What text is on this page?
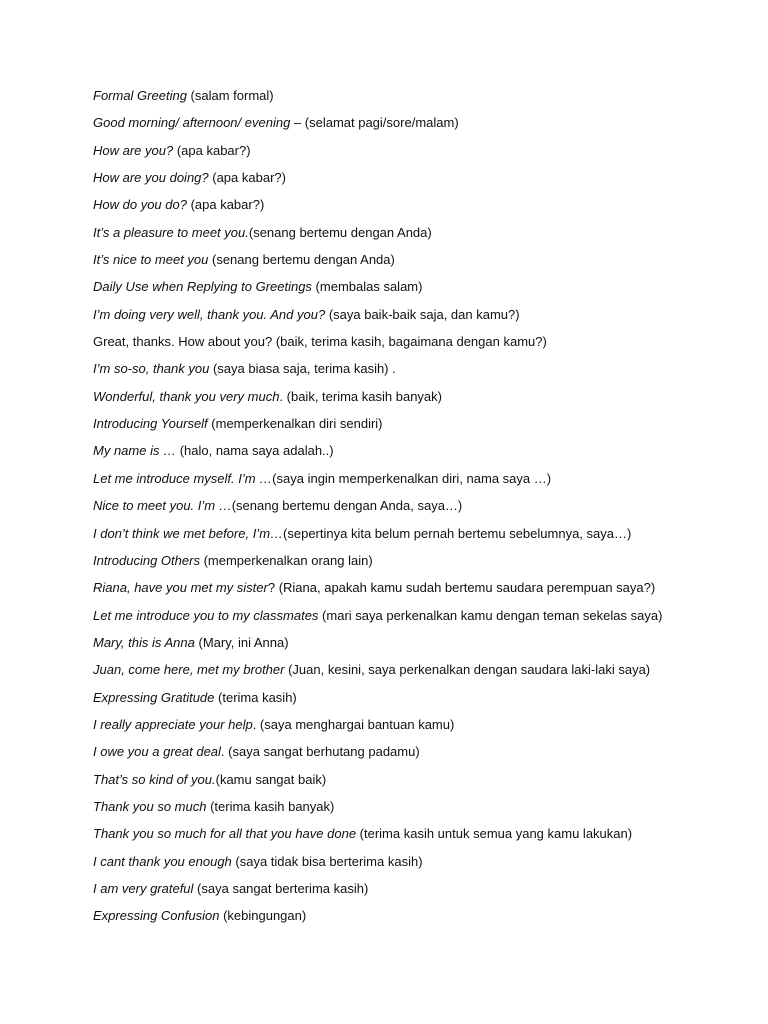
Formal Greeting (salam formal)
Good morning/ afternoon/ evening – (selamat pagi/sore/malam)
How are you? (apa kabar?)
How are you doing? (apa kabar?)
How do you do? (apa kabar?)
It’s a pleasure to meet you.(senang bertemu dengan Anda)
It’s nice to meet you (senang bertemu dengan Anda)
Daily Use when Replying to Greetings (membalas salam)
I’m doing very well, thank you. And you? (saya baik-baik saja, dan kamu?)
Great, thanks. How about you? (baik, terima kasih, bagaimana dengan kamu?)
I’m so-so, thank you (saya biasa saja, terima kasih) .
Wonderful, thank you very much. (baik, terima kasih banyak)
Introducing Yourself (memperkenalkan diri sendiri)
My name is … (halo, nama saya adalah..)
Let me introduce myself. I’m …(saya ingin memperkenalkan diri, nama saya …)
Nice to meet you. I’m …(senang bertemu dengan Anda, saya…)
I don’t think we met before, I’m…(sepertinya kita belum pernah bertemu sebelumnya, saya…)
Introducing Others (memperkenalkan orang lain)
Riana, have you met my sister? (Riana, apakah kamu sudah bertemu saudara perempuan saya?)
Let me introduce you to my classmates (mari saya perkenalkan kamu dengan teman sekelas saya)
Mary, this is Anna (Mary, ini Anna)
Juan, come here, met my brother (Juan, kesini, saya perkenalkan dengan saudara laki-laki saya)
Expressing Gratitude (terima kasih)
I really appreciate your help. (saya menghargai bantuan kamu)
I owe you a great deal. (saya sangat berhutang padamu)
That’s so kind of you.(kamu sangat baik)
Thank you so much (terima kasih banyak)
Thank you so much for all that you have done (terima kasih untuk semua yang kamu lakukan)
I cant thank you enough (saya tidak bisa berterima kasih)
I am very grateful (saya sangat berterima kasih)
Expressing Confusion (kebingungan)
